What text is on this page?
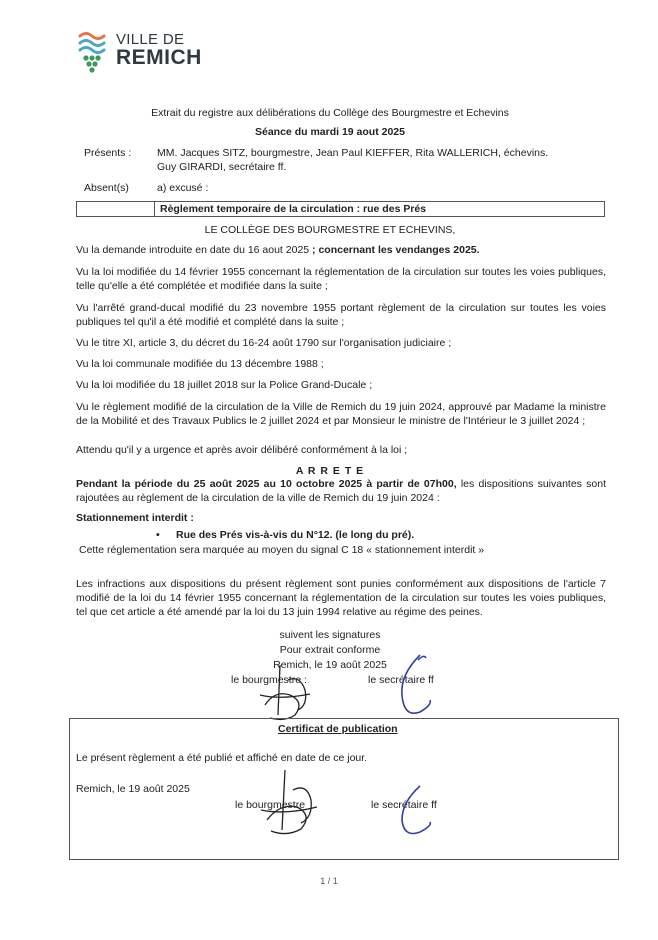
VILLE DE
REMICH
Extrait du registre aux délibérations du Collège des Bourgmestre et Echevins
Séance du mardi 19 aout 2025
Présents : MM. Jacques SITZ, bourgmestre, Jean Paul KIEFFER, Rita WALLERICH, échevins.
Guy GIRARDI, secrétaire ff.
Absent(s)	a) excusé :
Règlement temporaire de la circulation : rue des Prés
LE COLLÈGE DES BOURGMESTRE ET ECHEVINS,
Vu la demande introduite en date du 16 aout 2025 ; concernant les vendanges 2025.
Vu la loi modifiée du 14 février 1955 concernant la réglementation de la circulation sur toutes les voies publiques, telle qu'elle a été complétée et modifiée dans la suite ;
Vu l'arrêté grand-ducal modifié du 23 novembre 1955 portant règlement de la circulation sur toutes les voies publiques tel qu'il a été modifié et complété dans la suite ;
Vu le titre XI, article 3, du décret du 16-24 août 1790 sur l'organisation judiciaire ;
Vu la loi communale modifiée du 13 décembre 1988 ;
Vu la loi modifiée du 18 juillet 2018 sur la Police Grand-Ducale ;
Vu le règlement modifié de la circulation de la Ville de Remich du 19 juin 2024, approuvé par Madame la ministre de la Mobilité et des Travaux Publics le 2 juillet 2024 et par Monsieur le ministre de l'Intérieur le 3 juillet 2024 ;
Attendu qu'il y a urgence et après avoir délibéré conformément à la loi ;
A R R E T E
Pendant la période du 25 août 2025 au 10 octobre 2025 à partir de 07h00, les dispositions suivantes sont rajoutées au règlement de la circulation de la ville de Remich du 19 juin 2024 :
Stationnement interdit :
• Rue des Prés vis-à-vis du N°12. (le long du pré).
Cette réglementation sera marquée au moyen du signal C 18 « stationnement interdit »
Les infractions aux dispositions du présent règlement sont punies conformément aux dispositions de l'article 7 modifié de la loi du 14 février 1955 concernant la réglementation de la circulation sur toutes les voies publiques, tel que cet article a été amendé par la loi du 13 juin 1994 relative au régime des peines.
suivent les signatures
Pour extrait conforme
Remich, le 19 août 2025
le bourgmestre :	le secrétaire ff
Certificat de publication
Le présent règlement a été publié et affiché en date de ce jour.
Remich, le 19 août 2025
le bourgmestre	le secrétaire ff
1 / 1
